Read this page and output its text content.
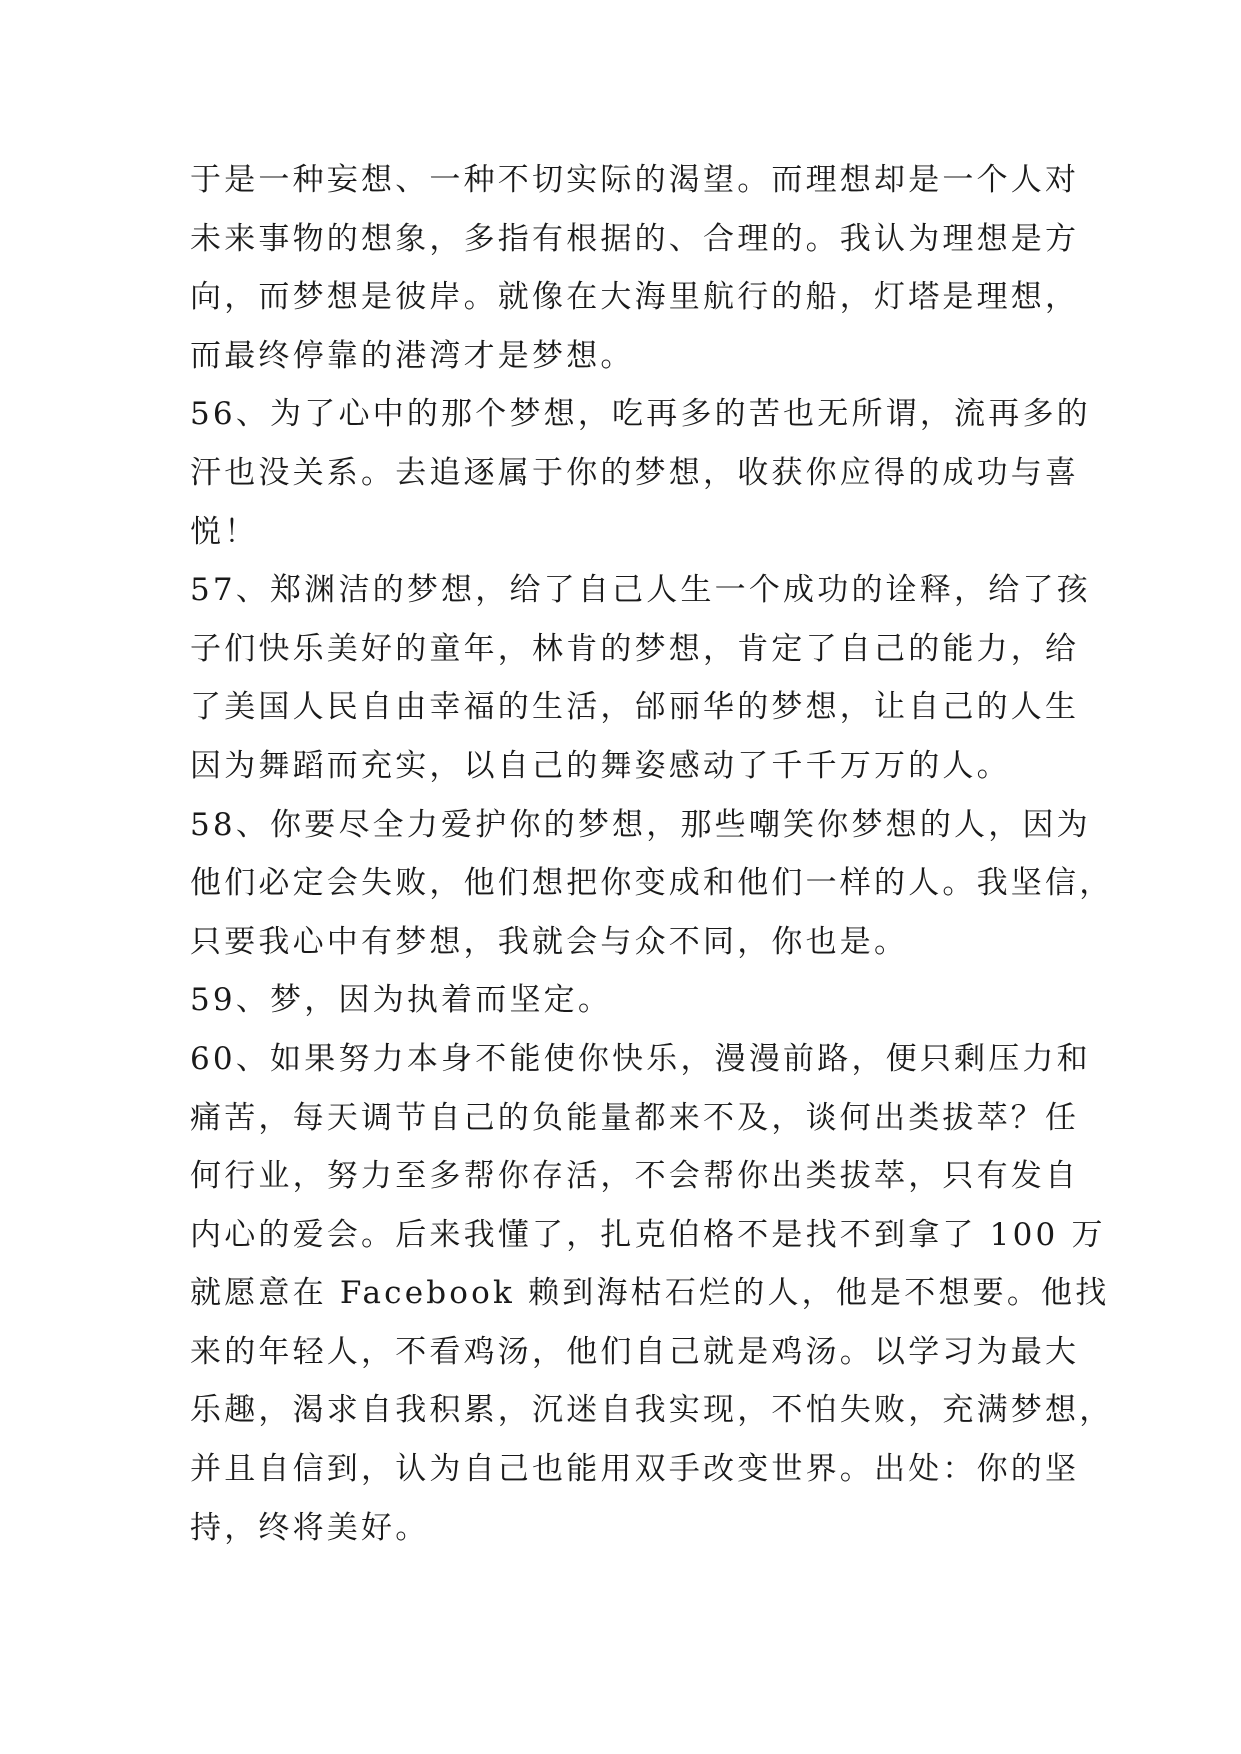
于是一种妄想、一种不切实际的渴望。而理想却是一个人对
未来事物的想象，多指有根据的、合理的。我认为理想是方
向，而梦想是彼岸。就像在大海里航行的船，灯塔是理想，
而最终停靠的港湾才是梦想。
56、为了心中的那个梦想，吃再多的苦也无所谓，流再多的
汗也没关系。去追逐属于你的梦想，收获你应得的成功与喜
悦！
57、郑渊洁的梦想，给了自己人生一个成功的诠释，给了孩
子们快乐美好的童年，林肯的梦想，肯定了自己的能力，给
了美国人民自由幸福的生活，邰丽华的梦想，让自己的人生
因为舞蹈而充实，以自己的舞姿感动了千千万万的人。
58、你要尽全力爱护你的梦想，那些嘲笑你梦想的人，因为
他们必定会失败，他们想把你变成和他们一样的人。我坚信，
只要我心中有梦想，我就会与众不同，你也是。
59、梦，因为执着而坚定。
60、如果努力本身不能使你快乐，漫漫前路，便只剩压力和
痛苦，每天调节自己的负能量都来不及，谈何出类拔萃？任
何行业，努力至多帮你存活，不会帮你出类拔萃，只有发自
内心的爱会。后来我懂了，扎克伯格不是找不到拿了 100 万
就愿意在 Facebook 赖到海枯石烂的人，他是不想要。他找
来的年轻人，不看鸡汤，他们自己就是鸡汤。以学习为最大
乐趣，渴求自我积累，沉迷自我实现，不怕失败，充满梦想，
并且自信到，认为自己也能用双手改变世界。出处：你的坚
持，终将美好。
